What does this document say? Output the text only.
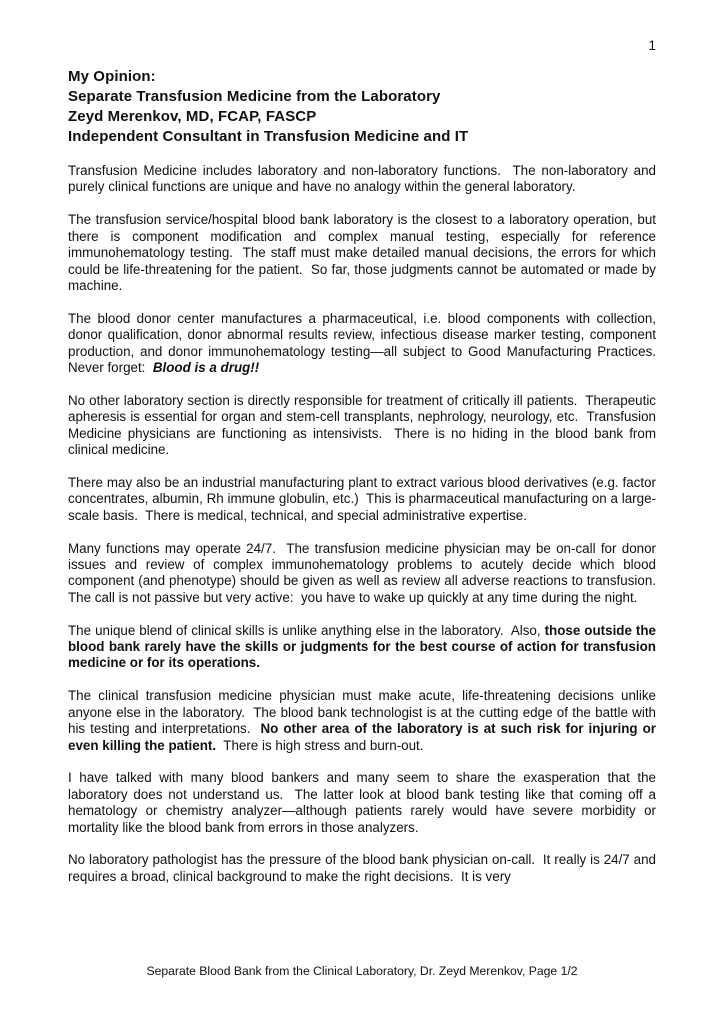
1
My Opinion:
Separate Transfusion Medicine from the Laboratory
Zeyd Merenkov, MD, FCAP, FASCP
Independent Consultant in Transfusion Medicine and IT

Transfusion Medicine includes laboratory and non-laboratory functions.  The non-laboratory and purely clinical functions are unique and have no analogy within the general laboratory.

The transfusion service/hospital blood bank laboratory is the closest to a laboratory operation, but there is component modification and complex manual testing, especially for reference immunohematology testing.  The staff must make detailed manual decisions, the errors for which could be life-threatening for the patient.  So far, those judgments cannot be automated or made by machine.

The blood donor center manufactures a pharmaceutical, i.e. blood components with collection, donor qualification, donor abnormal results review, infectious disease marker testing, component production, and donor immunohematology testing—all subject to Good Manufacturing Practices.  Never forget:  Blood is a drug!!

No other laboratory section is directly responsible for treatment of critically ill patients.  Therapeutic apheresis is essential for organ and stem-cell transplants, nephrology, neurology, etc.  Transfusion Medicine physicians are functioning as intensivists.  There is no hiding in the blood bank from clinical medicine.

There may also be an industrial manufacturing plant to extract various blood derivatives (e.g. factor concentrates, albumin, Rh immune globulin, etc.)  This is pharmaceutical manufacturing on a large-scale basis.  There is medical, technical, and special administrative expertise.

Many functions may operate 24/7.  The transfusion medicine physician may be on-call for donor issues and review of complex immunohematology problems to acutely decide which blood component (and phenotype) should be given as well as review all adverse reactions to transfusion.  The call is not passive but very active:  you have to wake up quickly at any time during the night.

The unique blend of clinical skills is unlike anything else in the laboratory.  Also, those outside the blood bank rarely have the skills or judgments for the best course of action for transfusion medicine or for its operations.

The clinical transfusion medicine physician must make acute, life-threatening decisions unlike anyone else in the laboratory.  The blood bank technologist is at the cutting edge of the battle with his testing and interpretations.  No other area of the laboratory is at such risk for injuring or even killing the patient.  There is high stress and burn-out.

I have talked with many blood bankers and many seem to share the exasperation that the laboratory does not understand us.  The latter look at blood bank testing like that coming off a hematology or chemistry analyzer—although patients rarely would have severe morbidity or mortality like the blood bank from errors in those analyzers.

No laboratory pathologist has the pressure of the blood bank physician on-call.  It really is 24/7 and requires a broad, clinical background to make the right decisions.  It is very

Separate Blood Bank from the Clinical Laboratory, Dr. Zeyd Merenkov, Page 1/2
